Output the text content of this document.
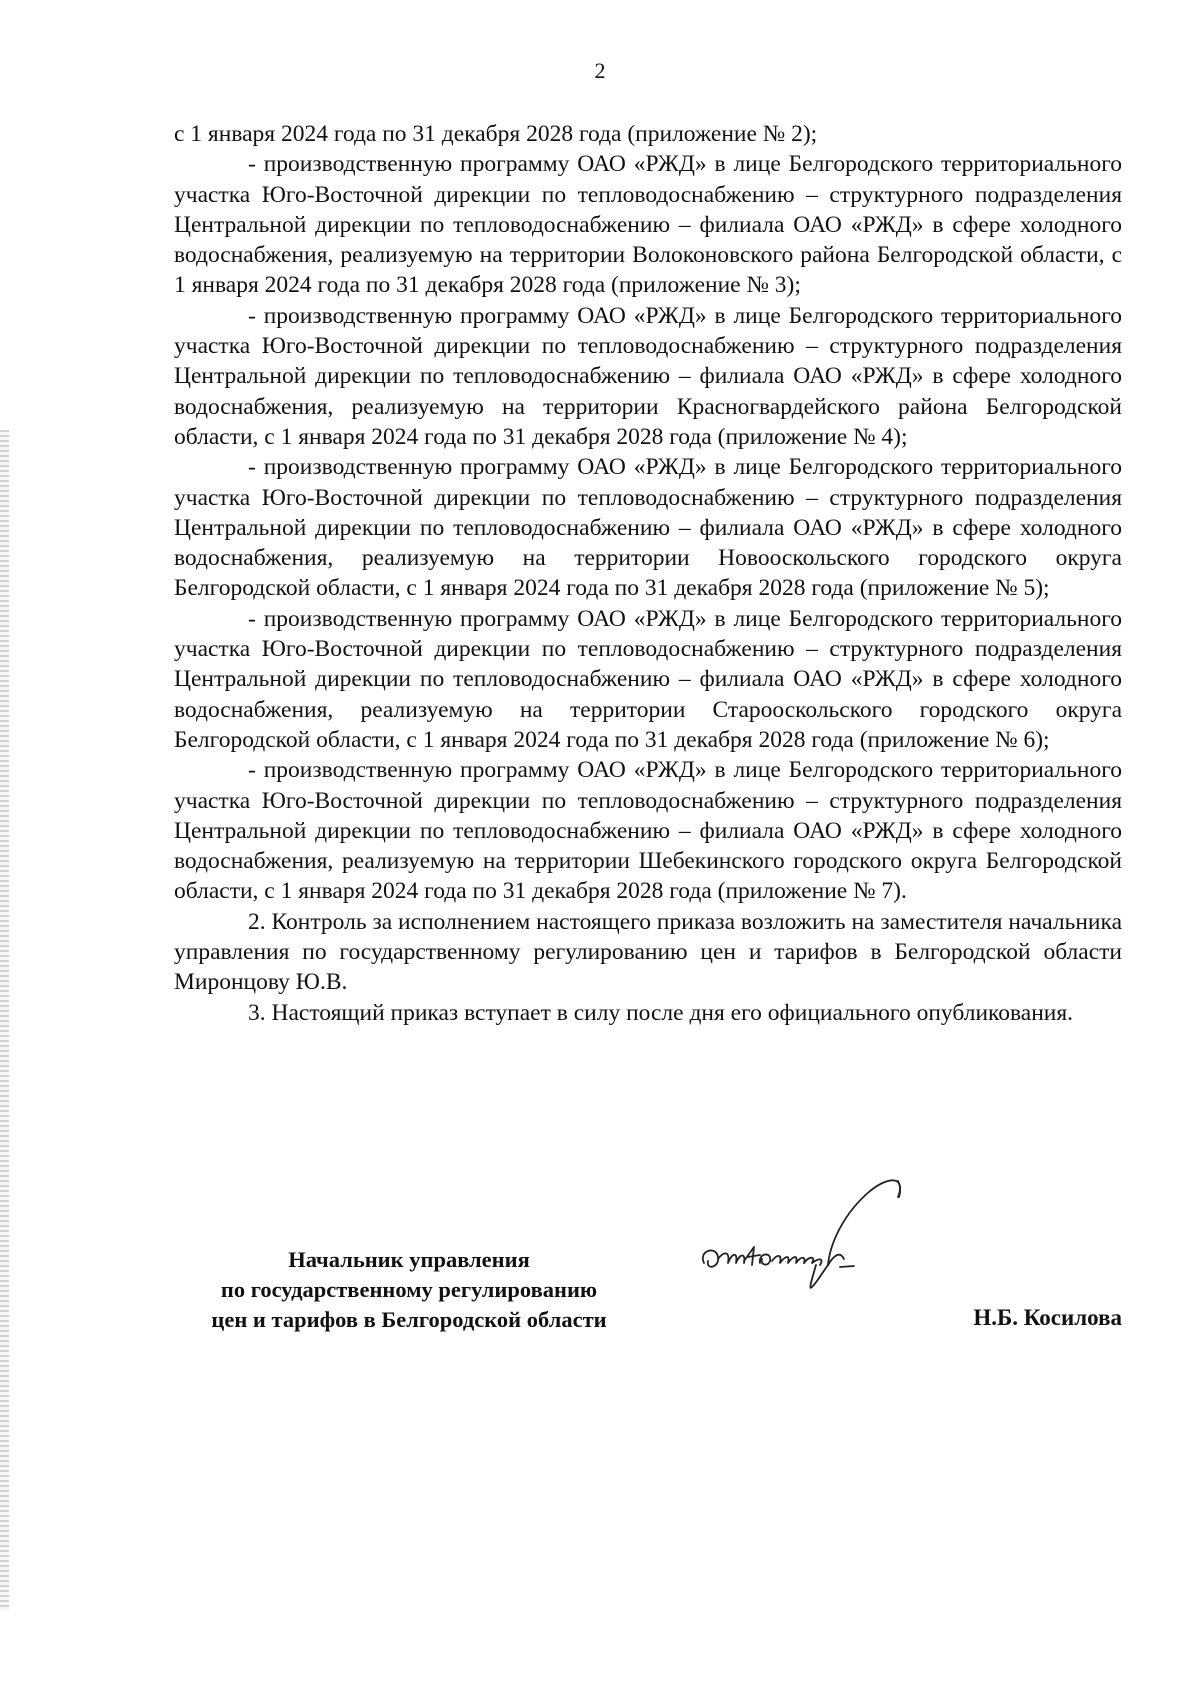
2

с 1 января 2024 года по 31 декабря 2028 года (приложение № 2);

- производственную программу ОАО «РЖД» в лице Белгородского территориального участка Юго-Восточной дирекции по тепловодоснабжению – структурного подразделения Центральной дирекции по тепловодоснабжению – филиала ОАО «РЖД» в сфере холодного водоснабжения, реализуемую на территории Волоконовского района Белгородской области, с 1 января 2024 года по 31 декабря 2028 года (приложение № 3);

- производственную программу ОАО «РЖД» в лице Белгородского территориального участка Юго-Восточной дирекции по тепловодоснабжению – структурного подразделения Центральной дирекции по тепловодоснабжению – филиала ОАО «РЖД» в сфере холодного водоснабжения, реализуемую на территории Красногвардейского района Белгородской области, с 1 января 2024 года по 31 декабря 2028 года (приложение № 4);

- производственную программу ОАО «РЖД» в лице Белгородского территориального участка Юго-Восточной дирекции по тепловодоснабжению – структурного подразделения Центральной дирекции по тепловодоснабжению – филиала ОАО «РЖД» в сфере холодного водоснабжения, реализуемую на территории Новооскольского городского округа Белгородской области, с 1 января 2024 года по 31 декабря 2028 года (приложение № 5);

- производственную программу ОАО «РЖД» в лице Белгородского территориального участка Юго-Восточной дирекции по тепловодоснабжению – структурного подразделения Центральной дирекции по тепловодоснабжению – филиала ОАО «РЖД» в сфере холодного водоснабжения, реализуемую на территории Старооскольского городского округа Белгородской области, с 1 января 2024 года по 31 декабря 2028 года (приложение № 6);

- производственную программу ОАО «РЖД» в лице Белгородского территориального участка Юго-Восточной дирекции по тепловодоснабжению – структурного подразделения Центральной дирекции по тепловодоснабжению – филиала ОАО «РЖД» в сфере холодного водоснабжения, реализуемую на территории Шебекинского городского округа Белгородской области, с 1 января 2024 года по 31 декабря 2028 года (приложение № 7).

2. Контроль за исполнением настоящего приказа возложить на заместителя начальника управления по государственному регулированию цен и тарифов в Белгородской области Миронцову Ю.В.

3. Настоящий приказ вступает в силу после дня его официального опубликования.

Начальник управления
по государственному регулированию
цен и тарифов в Белгородской области	Н.Б. Косилова
